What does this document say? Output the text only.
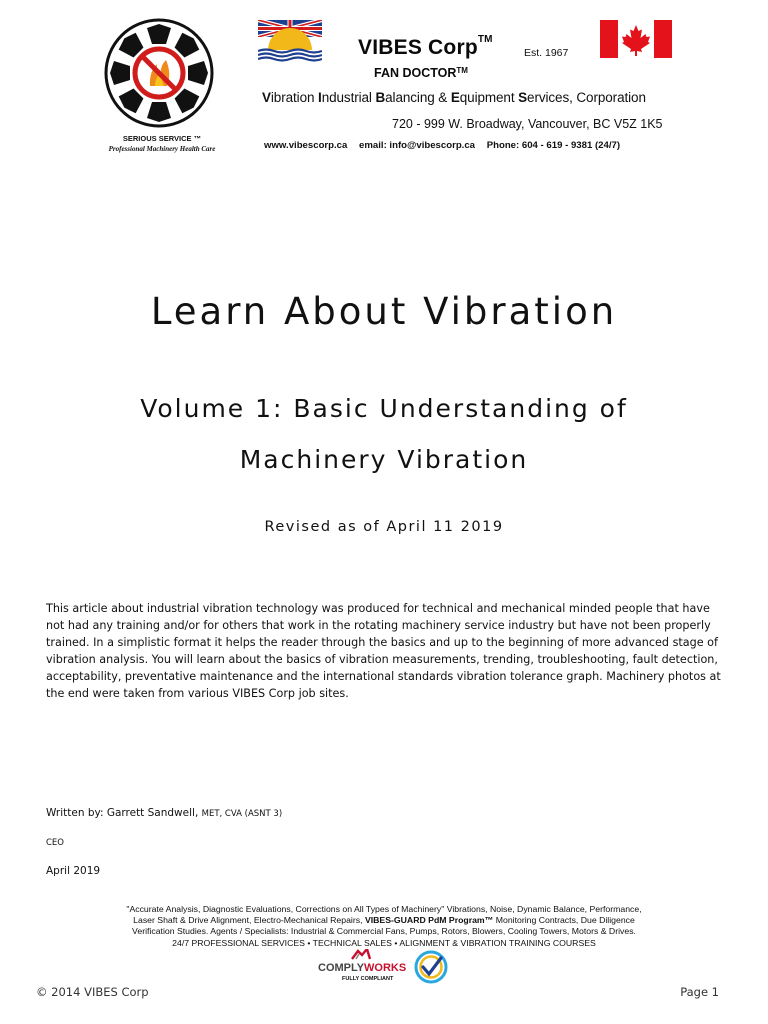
SERIOUS SERVICE ™
Professional Machinery Health Care
VIBES Corp™
Est. 1967
FAN DOCTOR™
Vibration Industrial Balancing & Equipment Services, Corporation
720 - 999 W. Broadway, Vancouver, BC V5Z 1K5
www.vibescorp.ca email: info@vibescorp.ca Phone: 604 - 619 - 9381 (24/7)
Learn About Vibration
Volume 1: Basic Understanding of
Machinery Vibration
Revised as of April 11 2019
This article about industrial vibration technology was produced for technical and mechanical minded people that have not had any training and/or for others that work in the rotating machinery service industry but have not been properly trained. In a simplistic format it helps the reader through the basics and up to the beginning of more advanced stage of vibration analysis. You will learn about the basics of vibration measurements, trending, troubleshooting, fault detection, acceptability, preventative maintenance and the international standards vibration tolerance graph. Machinery photos at the end were taken from various VIBES Corp job sites.
Written by: Garrett Sandwell, MET, CVA (ASNT 3)
CEO
April 2019
"Accurate Analysis, Diagnostic Evaluations, Corrections on All Types of Machinery" Vibrations, Noise, Dynamic Balance, Performance,
Laser Shaft & Drive Alignment, Electro-Mechanical Repairs, VIBES-GUARD PdM Program™ Monitoring Contracts, Due Diligence
Verification Studies. Agents / Specialists: Industrial & Commercial Fans, Pumps, Rotors, Blowers, Cooling Towers, Motors & Drives.
24/7 PROFESSIONAL SERVICES • TECHNICAL SALES • ALIGNMENT & VIBRATION TRAINING COURSES
COMPLYWORKS
FULLY COMPLIANT
© 2014 VIBES Corp	Page 1
